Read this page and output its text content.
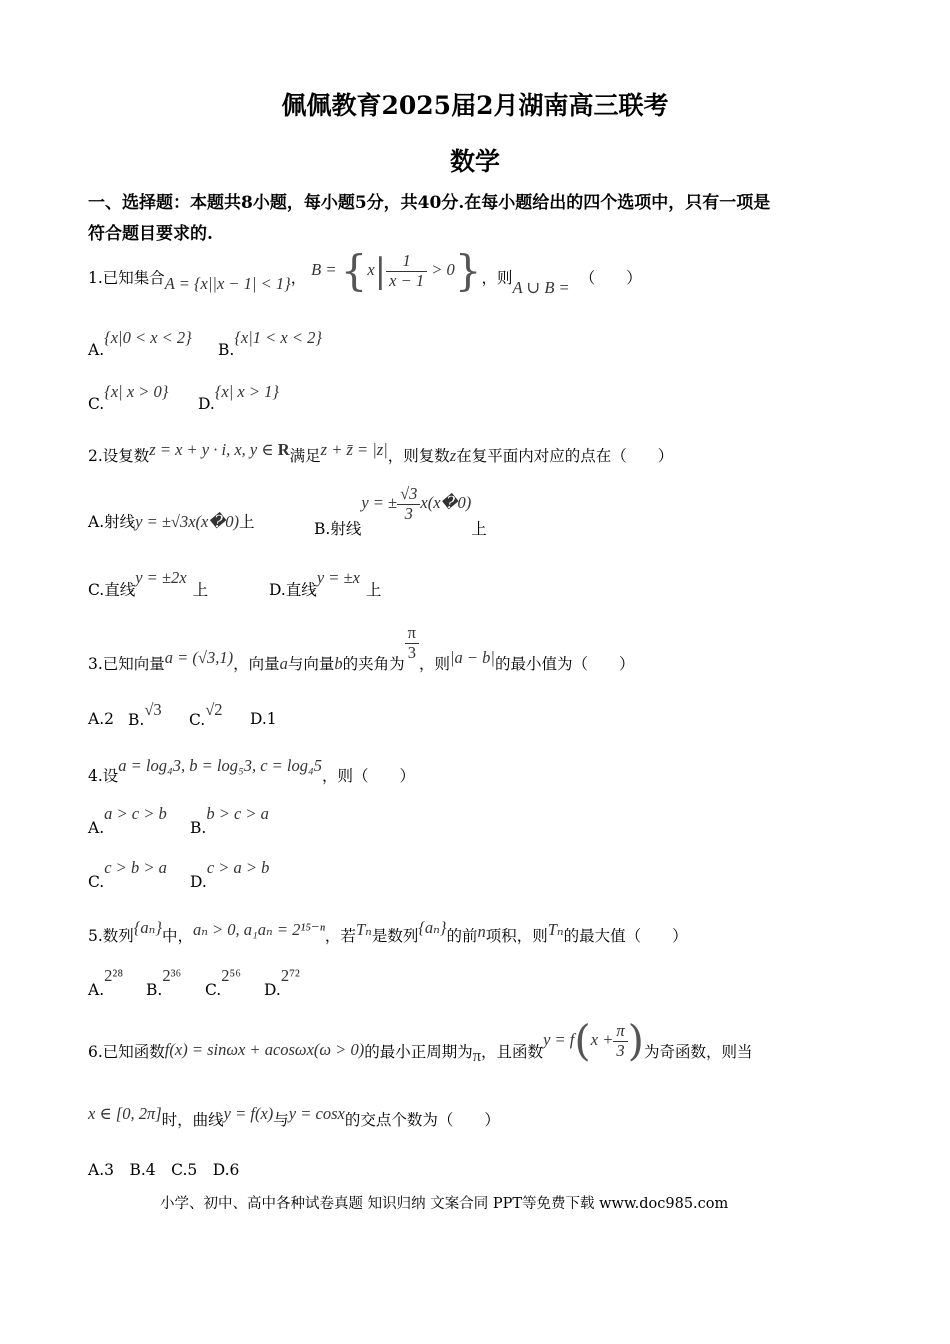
佩佩教育2025届2月湖南高三联考
数学
一、选择题：本题共8小题，每小题5分，共40分.在每小题给出的四个选项中，只有一项是
符合题目要求的.
1.已知集合A = {x||x − 1| < 1}， $B = \{x| \frac{1}{x - 1} > 0\}$，则A ∪ B = （　　）
A.{x|0 < x < 2}
B.{x|1 < x < 2}
C.{x| x > 0}
D.{x| x > 1}
2.设复数z = x + y · i, x, y ∈ R满足z + z̄ = |z|，则复数z在复平面内对应的点在（　　）
A.射线y = ±√3x(x�0)上	B.射线y = ± $\frac{√3}{3}$ x(x�0)上
C.直线y = ±2x上	D.直线y = ±x上
3.已知向量a = (√3,1)，向量a与向量b的夹角为
$\frac{\pi}{3}$
，则|a − b|的最小值为（　　）
A.2 B.√3
C.√2 D.1
4.设a = log₄3, b = log₅3, c = log₄5，则（　　）
A.a > c > b
B.b > c > a
C.c > b > a
D.c > a > b
5.数列{aₙ}中，aₙ > 0, a₁aₙ = 2¹⁵⁻ⁿ，若Tₙ是数列{aₙ}的前n项积，则Tₙ的最大值（　　）
A.2²⁸
B.2³⁶
C.2⁵⁶
D.2⁷²
6.已知函数f(x) = sinωx + acosωx(ω > 0)的最小正周期为π，且函数$y = f(x + \frac{\pi}{3}$ )为奇函数，则当
x ∈ [0, 2π]时，曲线y = f(x)与y = cosx的交点个数为（　　）
A.3　B.4　C.5　D.6
小学、初中、高中各种试卷真题 知识归纳 文案合同 PPT等免费下载 www.doc985.com
